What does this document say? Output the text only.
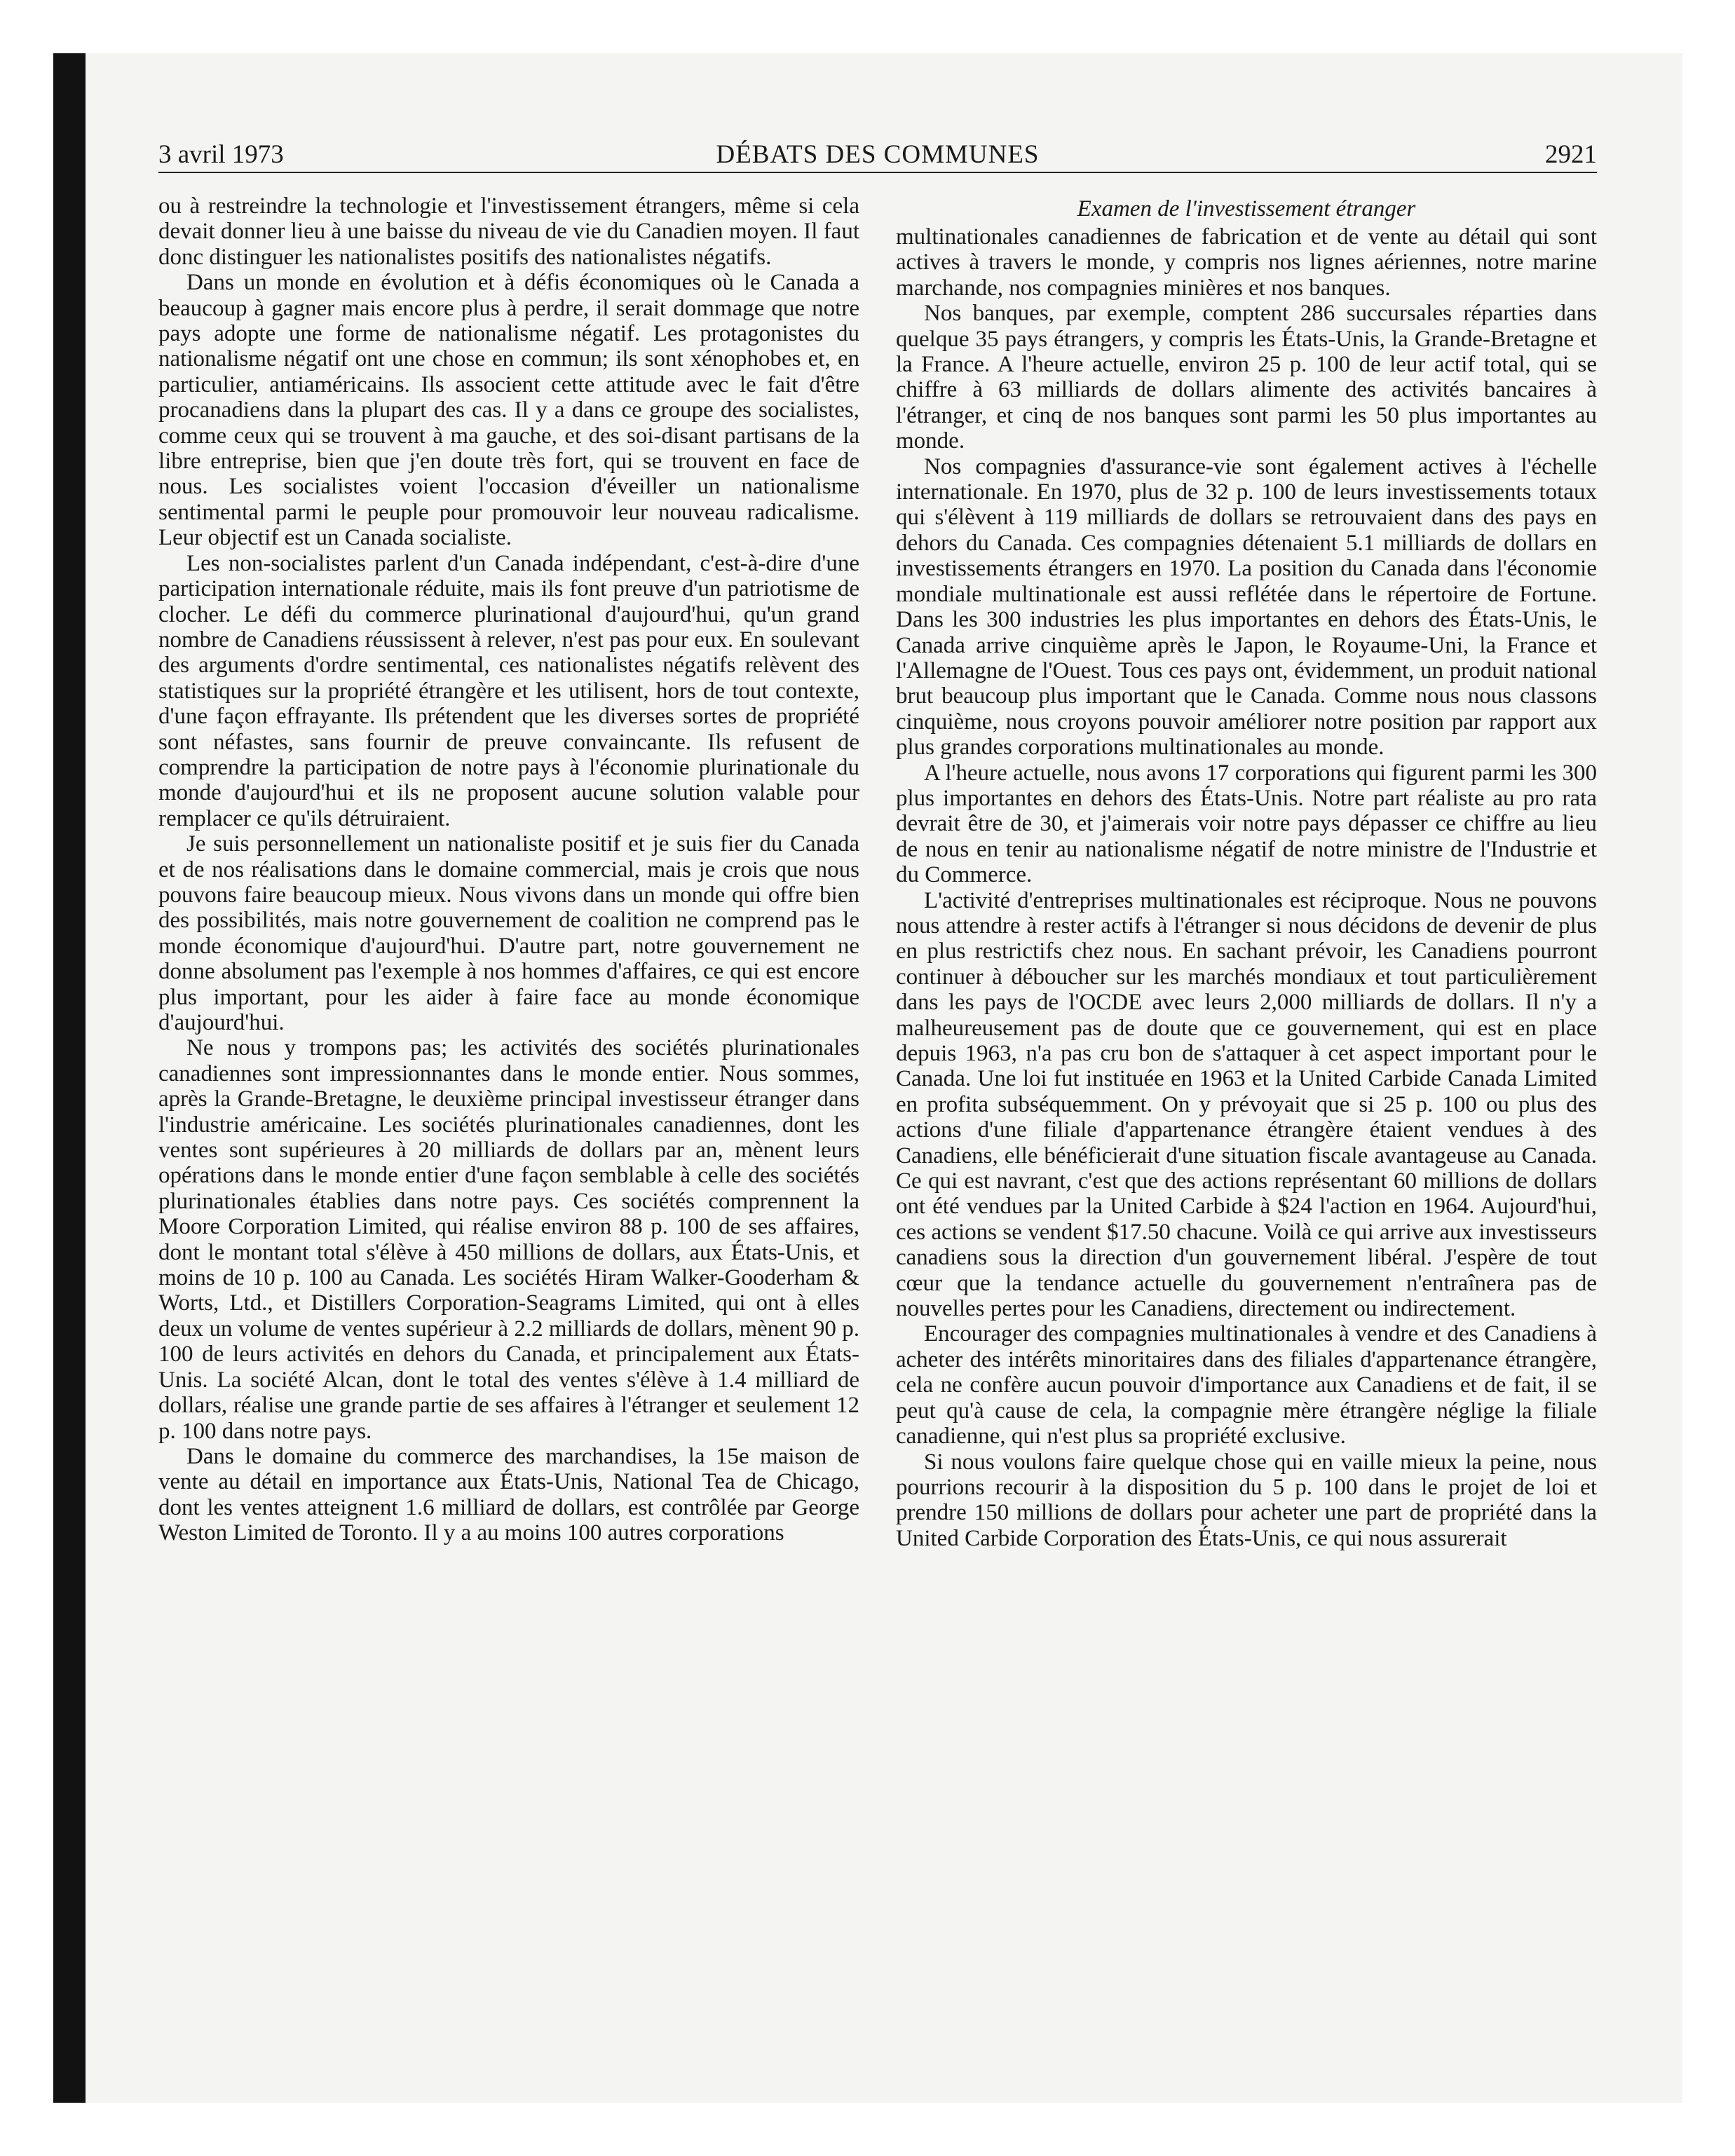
3 avril 1973	DÉBATS DES COMMUNES	2921

ou à restreindre la technologie et l'investissement étrangers, même si cela devait donner lieu à une baisse du niveau de vie du Canadien moyen. Il faut donc distinguer les nationalistes positifs des nationalistes négatifs.

Dans un monde en évolution et à défis économiques où le Canada a beaucoup à gagner mais encore plus à perdre, il serait dommage que notre pays adopte une forme de nationalisme négatif. Les protagonistes du nationalisme négatif ont une chose en commun; ils sont xénophobes et, en particulier, antiaméricains. Ils associent cette attitude avec le fait d'être procanadiens dans la plupart des cas. Il y a dans ce groupe des socialistes, comme ceux qui se trouvent à ma gauche, et des soi-disant partisans de la libre entreprise, bien que j'en doute très fort, qui se trouvent en face de nous. Les socialistes voient l'occasion d'éveiller un nationalisme sentimental parmi le peuple pour promouvoir leur nouveau radicalisme. Leur objectif est un Canada socialiste.

Les non-socialistes parlent d'un Canada indépendant, c'est-à-dire d'une participation internationale réduite, mais ils font preuve d'un patriotisme de clocher. Le défi du commerce plurinational d'aujourd'hui, qu'un grand nombre de Canadiens réussissent à relever, n'est pas pour eux. En soulevant des arguments d'ordre sentimental, ces nationalistes négatifs relèvent des statistiques sur la propriété étrangère et les utilisent, hors de tout contexte, d'une façon effrayante. Ils prétendent que les diverses sortes de propriété sont néfastes, sans fournir de preuve convaincante. Ils refusent de comprendre la participation de notre pays à l'économie plurinationale du monde d'aujourd'hui et ils ne proposent aucune solution valable pour remplacer ce qu'ils détruiraient.

Je suis personnellement un nationaliste positif et je suis fier du Canada et de nos réalisations dans le domaine commercial, mais je crois que nous pouvons faire beaucoup mieux. Nous vivons dans un monde qui offre bien des possibilités, mais notre gouvernement de coalition ne comprend pas le monde économique d'aujourd'hui. D'autre part, notre gouvernement ne donne absolument pas l'exemple à nos hommes d'affaires, ce qui est encore plus important, pour les aider à faire face au monde économique d'aujourd'hui.

Ne nous y trompons pas; les activités des sociétés plurinationales canadiennes sont impressionnantes dans le monde entier. Nous sommes, après la Grande-Bretagne, le deuxième principal investisseur étranger dans l'industrie américaine. Les sociétés plurinationales canadiennes, dont les ventes sont supérieures à 20 milliards de dollars par an, mènent leurs opérations dans le monde entier d'une façon semblable à celle des sociétés plurinationales établies dans notre pays. Ces sociétés comprennent la Moore Corporation Limited, qui réalise environ 88 p. 100 de ses affaires, dont le montant total s'élève à 450 millions de dollars, aux États-Unis, et moins de 10 p. 100 au Canada. Les sociétés Hiram Walker-Gooderham & Worts, Ltd., et Distillers Corporation-Seagrams Limited, qui ont à elles deux un volume de ventes supérieur à 2.2 milliards de dollars, mènent 90 p. 100 de leurs activités en dehors du Canada, et principalement aux États-Unis. La société Alcan, dont le total des ventes s'élève à 1.4 milliard de dollars, réalise une grande partie de ses affaires à l'étranger et seulement 12 p. 100 dans notre pays.

Dans le domaine du commerce des marchandises, la 15e maison de vente au détail en importance aux États-Unis, National Tea de Chicago, dont les ventes atteignent 1.6 milliard de dollars, est contrôlée par George Weston Limited de Toronto. Il y a au moins 100 autres corporations

Examen de l'investissement étranger

multinationales canadiennes de fabrication et de vente au détail qui sont actives à travers le monde, y compris nos lignes aériennes, notre marine marchande, nos compagnies minières et nos banques.

Nos banques, par exemple, comptent 286 succursales réparties dans quelque 35 pays étrangers, y compris les États-Unis, la Grande-Bretagne et la France. A l'heure actuelle, environ 25 p. 100 de leur actif total, qui se chiffre à 63 milliards de dollars alimente des activités bancaires à l'étranger, et cinq de nos banques sont parmi les 50 plus importantes au monde.

Nos compagnies d'assurance-vie sont également actives à l'échelle internationale. En 1970, plus de 32 p. 100 de leurs investissements totaux qui s'élèvent à 119 milliards de dollars se retrouvaient dans des pays en dehors du Canada. Ces compagnies détenaient 5.1 milliards de dollars en investissements étrangers en 1970. La position du Canada dans l'économie mondiale multinationale est aussi reflétée dans le répertoire de Fortune. Dans les 300 industries les plus importantes en dehors des États-Unis, le Canada arrive cinquième après le Japon, le Royaume-Uni, la France et l'Allemagne de l'Ouest. Tous ces pays ont, évidemment, un produit national brut beaucoup plus important que le Canada. Comme nous nous classons cinquième, nous croyons pouvoir améliorer notre position par rapport aux plus grandes corporations multinationales au monde.

A l'heure actuelle, nous avons 17 corporations qui figurent parmi les 300 plus importantes en dehors des États-Unis. Notre part réaliste au pro rata devrait être de 30, et j'aimerais voir notre pays dépasser ce chiffre au lieu de nous en tenir au nationalisme négatif de notre ministre de l'Industrie et du Commerce.

L'activité d'entreprises multinationales est réciproque. Nous ne pouvons nous attendre à rester actifs à l'étranger si nous décidons de devenir de plus en plus restrictifs chez nous. En sachant prévoir, les Canadiens pourront continuer à déboucher sur les marchés mondiaux et tout particulièrement dans les pays de l'OCDE avec leurs 2,000 milliards de dollars. Il n'y a malheureusement pas de doute que ce gouvernement, qui est en place depuis 1963, n'a pas cru bon de s'attaquer à cet aspect important pour le Canada. Une loi fut instituée en 1963 et la United Carbide Canada Limited en profita subséquemment. On y prévoyait que si 25 p. 100 ou plus des actions d'une filiale d'appartenance étrangère étaient vendues à des Canadiens, elle bénéficierait d'une situation fiscale avantageuse au Canada. Ce qui est navrant, c'est que des actions représentant 60 millions de dollars ont été vendues par la United Carbide à $24 l'action en 1964. Aujourd'hui, ces actions se vendent $17.50 chacune. Voilà ce qui arrive aux investisseurs canadiens sous la direction d'un gouvernement libéral. J'espère de tout cœur que la tendance actuelle du gouvernement n'entraînera pas de nouvelles pertes pour les Canadiens, directement ou indirectement.

Encourager des compagnies multinationales à vendre et des Canadiens à acheter des intérêts minoritaires dans des filiales d'appartenance étrangère, cela ne confère aucun pouvoir d'importance aux Canadiens et de fait, il se peut qu'à cause de cela, la compagnie mère étrangère néglige la filiale canadienne, qui n'est plus sa propriété exclusive.

Si nous voulons faire quelque chose qui en vaille mieux la peine, nous pourrions recourir à la disposition du 5 p. 100 dans le projet de loi et prendre 150 millions de dollars pour acheter une part de propriété dans la United Carbide Corporation des États-Unis, ce qui nous assurerait
